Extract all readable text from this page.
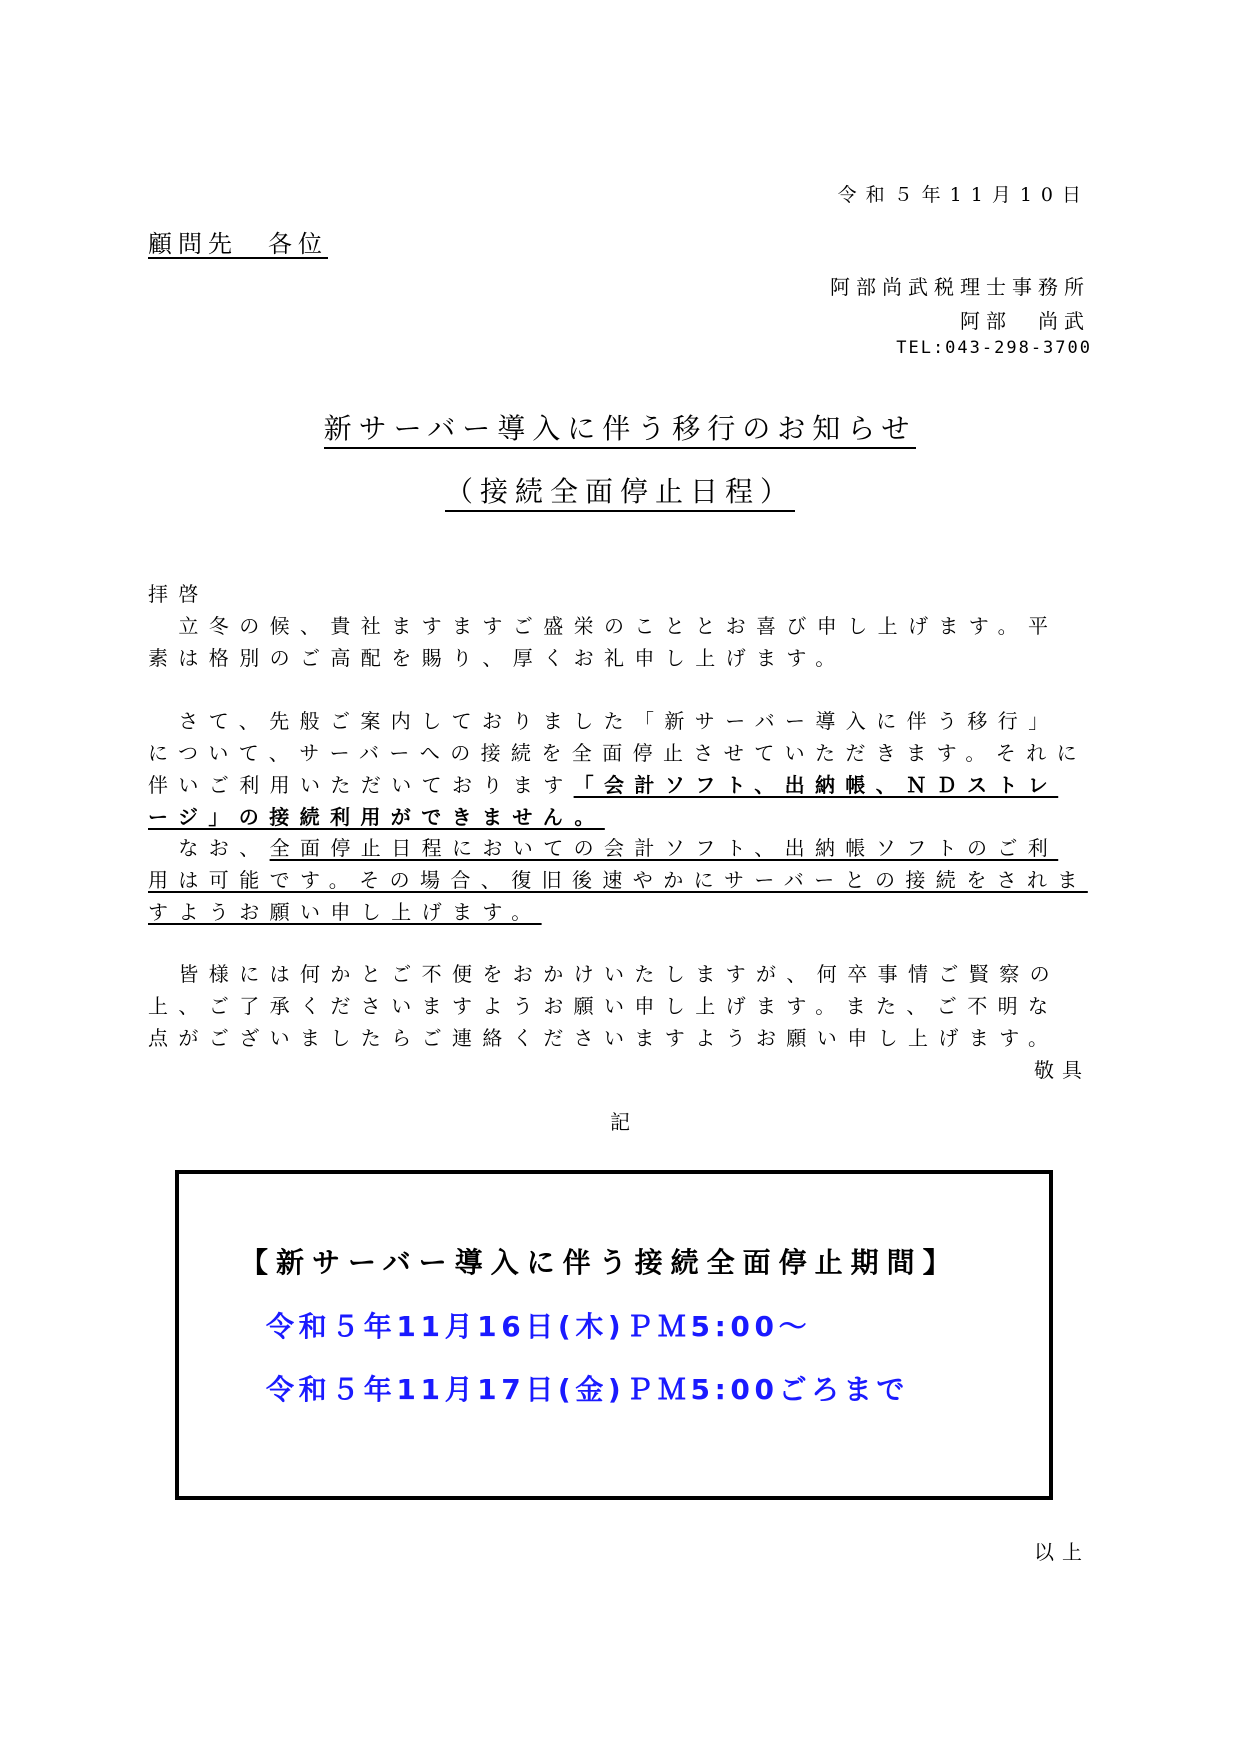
令和５年11月10日
顧問先　各位
阿部尚武税理士事務所
阿部　尚武
TEL:043-298-3700
新サーバー導入に伴う移行のお知らせ
（接続全面停止日程）
拝啓
　立冬の候、貴社ますますご盛栄のこととお喜び申し上げます。平素は格別のご高配を賜り、厚くお礼申し上げます。
　さて、先般ご案内しておりました「新サーバー導入に伴う移行」について、サーバーへの接続を全面停止させていただきます。それに伴いご利用いただいております「会計ソフト、出納帳、ＮＤストレージ」の接続利用ができません。
　なお、全面停止日程においての会計ソフト、出納帳ソフトのご利用は可能です。その場合、復旧後速やかにサーバーとの接続をされますようお願い申し上げます。
　皆様には何かとご不便をおかけいたしますが、何卒事情ご賢察の上、ご了承くださいますようお願い申し上げます。また、ご不明な点がございましたらご連絡くださいますようお願い申し上げます。
敬具
記
【新サーバー導入に伴う接続全面停止期間】
令和５年11月16日(木)ＰＭ5:00～
令和５年11月17日(金)ＰＭ5:00ごろまで
以上
